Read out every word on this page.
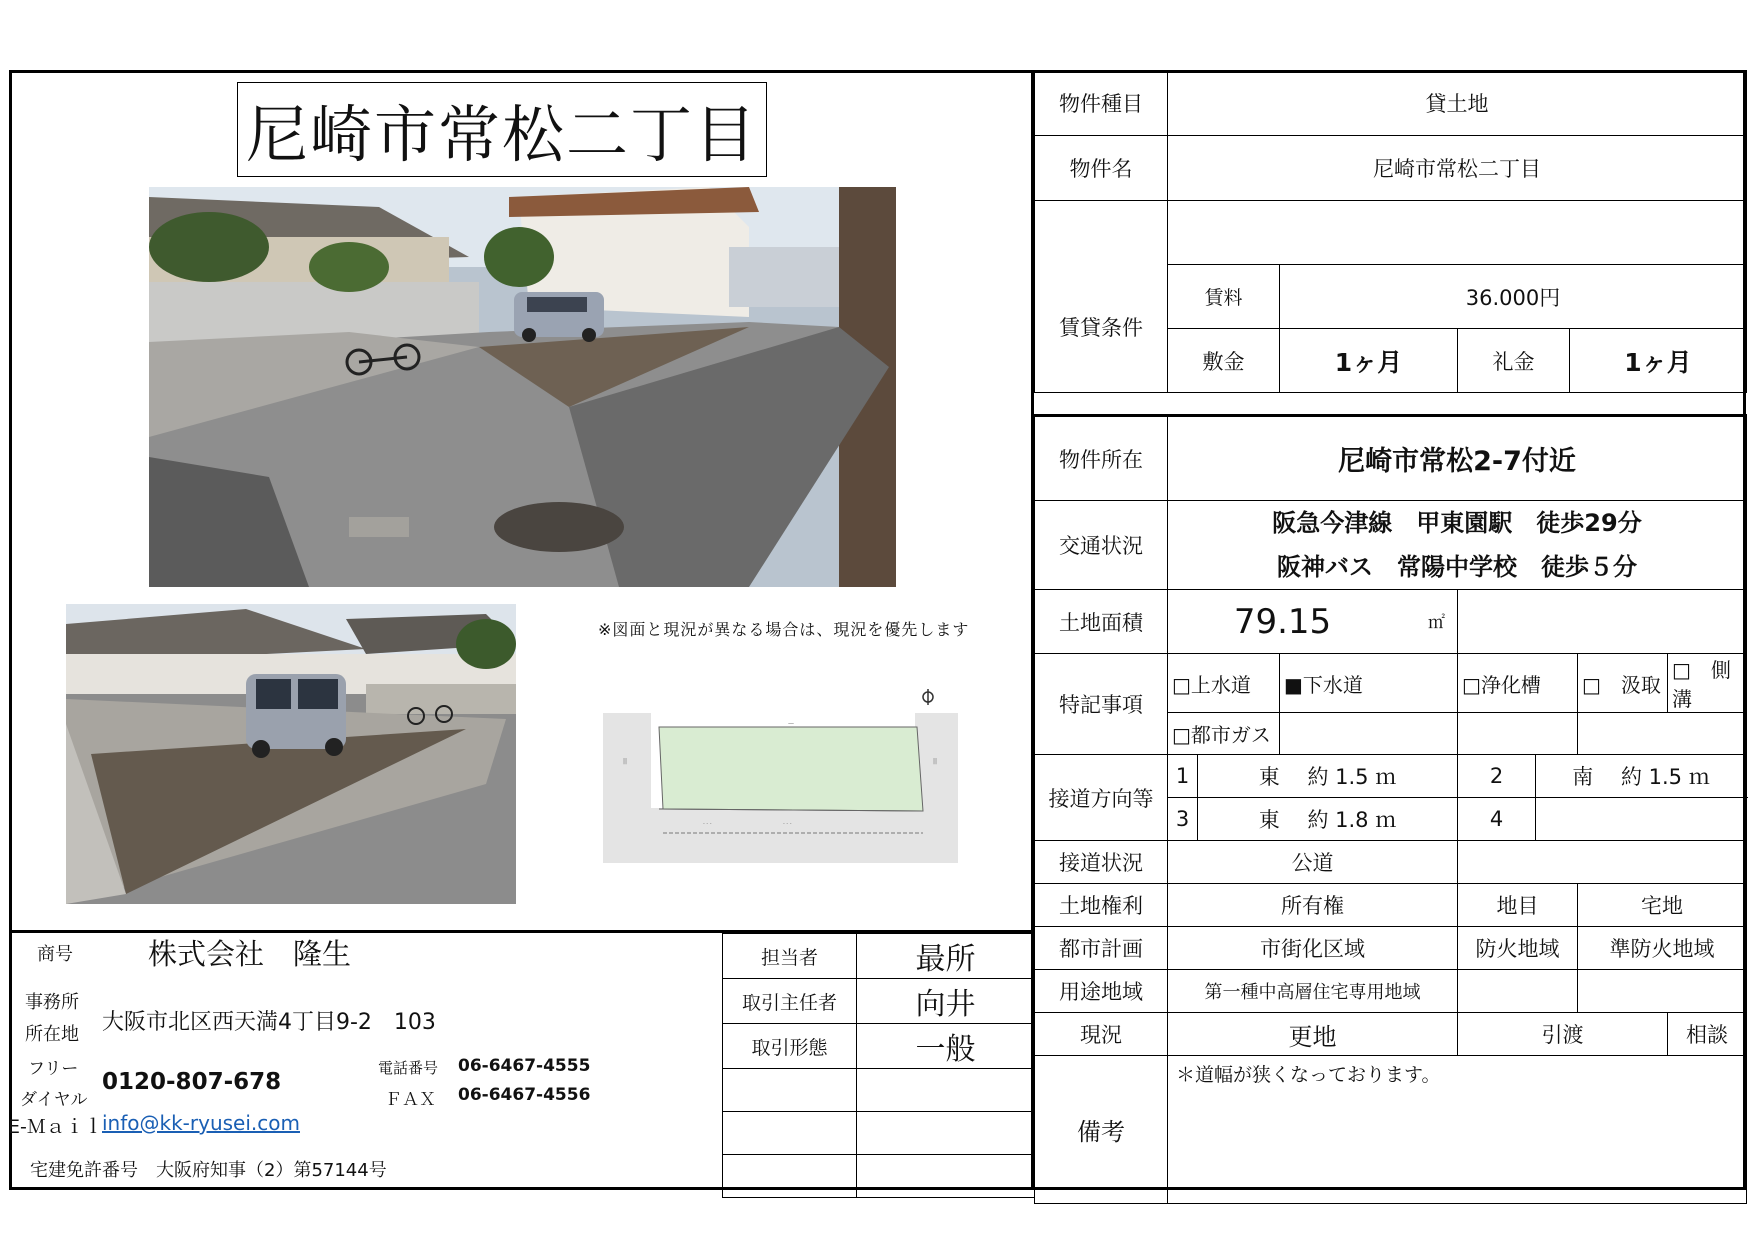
尼崎市常松二丁目
※図面と現況が異なる場合は、現況を優先します
—
||	||
- - -	- - -
物件種目	貸土地			
物件名	尼崎市常松二丁目			
賃貸条件				
	賃料	36.000円		
	敷金	1ヶ月	礼金	1ヶ月
物件所在	尼崎市常松2-7付近						
交通状況	阪急今津線　甲東園駅　徒歩29分
阪神バス　常陽中学校　徒歩５分						

土地面積	79.15 ㎡						

特記事項	□上水道		■下水道	□浄化槽		□　汲取	□　側溝
	□都市ガス						
接道方向等	1	東　 約 1.5 ｍ		2	南　 約 1.5 ｍ		
	3	東　 約 1.8 ｍ		4			
接道状況	公道						
土地権利	所有権			地目		宅地	
都市計画	市街化区域			防火地域		準防火地域	
用途地域	第一種中高層住宅専用地域						
現況	更地			引渡			相談
備考	＊道幅が狭くなっております。						
商号	株式会社　隆生
事務所
所在地 大阪市北区西天満4丁目9-2　103
フリー
ダイヤル
0120-807-678
電話番号 06-6467-4555
ＦＡＸ 06-6467-4556
E-Ｍａｉｌ info@kk-ryusei.com
宅建免許番号　大阪府知事（2）第57144号
担当者	最所
取引主任者	向井
取引形態	一般
